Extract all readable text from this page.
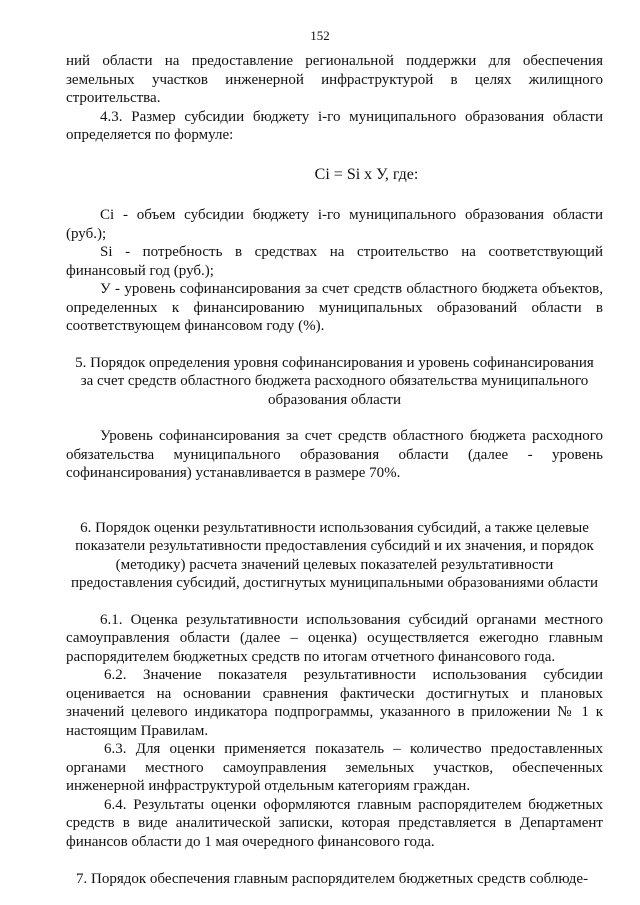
152

ний области на предоставление региональной поддержки для обеспечения земельных участков инженерной инфраструктурой в целях жилищного строительства.

4.3. Размер субсидии бюджету i-го муниципального образования области определяется по формуле:

Ci = Si x У, где:

Ci - объем субсидии бюджету i-го муниципального образования области (руб.);

Si - потребность в средствах на строительство на соответствующий финансовый год (руб.);

У - уровень софинансирования за счет средств областного бюджета объектов, определенных к финансированию муниципальных образований области в соответствующем финансовом году (%).

5. Порядок определения уровня софинансирования и уровень софинансирования за счет средств областного бюджета расходного обязательства муниципального образования области

Уровень софинансирования за счет средств областного бюджета расходного обязательства муниципального образования области (далее - уровень софинансирования) устанавливается в размере 70%.

6. Порядок оценки результативности использования субсидий, а также целевые показатели результативности предоставления субсидий и их значения, и порядок (методику) расчета значений целевых показателей результативности предоставления субсидий, достигнутых муниципальными образованиями области

6.1. Оценка результативности использования субсидий органами местного самоуправления области (далее – оценка) осуществляется ежегодно главным распорядителем бюджетных средств по итогам отчетного финансового года.

6.2. Значение показателя результативности использования субсидии оценивается на основании сравнения фактически достигнутых и плановых значений целевого индикатора подпрограммы, указанного в приложении № 1 к настоящим Правилам.

6.3. Для оценки применяется показатель – количество предоставленных органами местного самоуправления земельных участков, обеспеченных инженерной инфраструктурой отдельным категориям граждан.

6.4. Результаты оценки оформляются главным распорядителем бюджетных средств в виде аналитической записки, которая представляется в Департамент финансов области до 1 мая очередного финансового года.

7. Порядок обеспечения главным распорядителем бюджетных средств соблюде-
